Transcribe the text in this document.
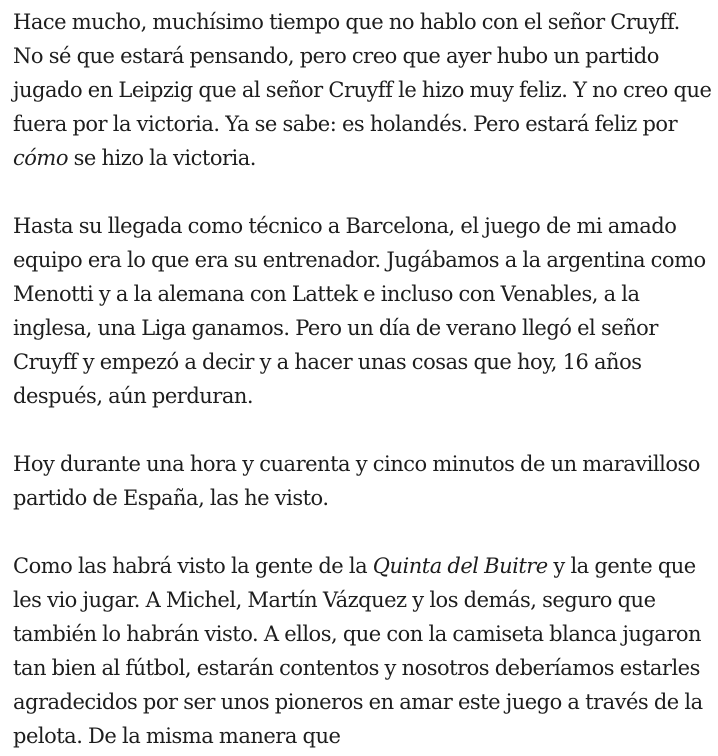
Hace mucho, muchísimo tiempo que no hablo con el señor Cruyff. No sé que estará pensando, pero creo que ayer hubo un partido jugado en Leipzig que al señor Cruyff le hizo muy feliz. Y no creo que fuera por la victoria. Ya se sabe: es holandés. Pero estará feliz por cómo se hizo la victoria.

Hasta su llegada como técnico a Barcelona, el juego de mi amado equipo era lo que era su entrenador. Jugábamos a la argentina como Menotti y a la alemana con Lattek e incluso con Venables, a la inglesa, una Liga ganamos. Pero un día de verano llegó el señor Cruyff y empezó a decir y a hacer unas cosas que hoy, 16 años después, aún perduran.

Hoy durante una hora y cuarenta y cinco minutos de un maravilloso partido de España, las he visto.

Como las habrá visto la gente de la Quinta del Buitre y la gente que les vio jugar. A Michel, Martín Vázquez y los demás, seguro que también lo habrán visto. A ellos, que con la camiseta blanca jugaron tan bien al fútbol, estarán contentos y nosotros deberíamos estarles agradecidos por ser unos pioneros en amar este juego a través de la pelota. De la misma manera que
